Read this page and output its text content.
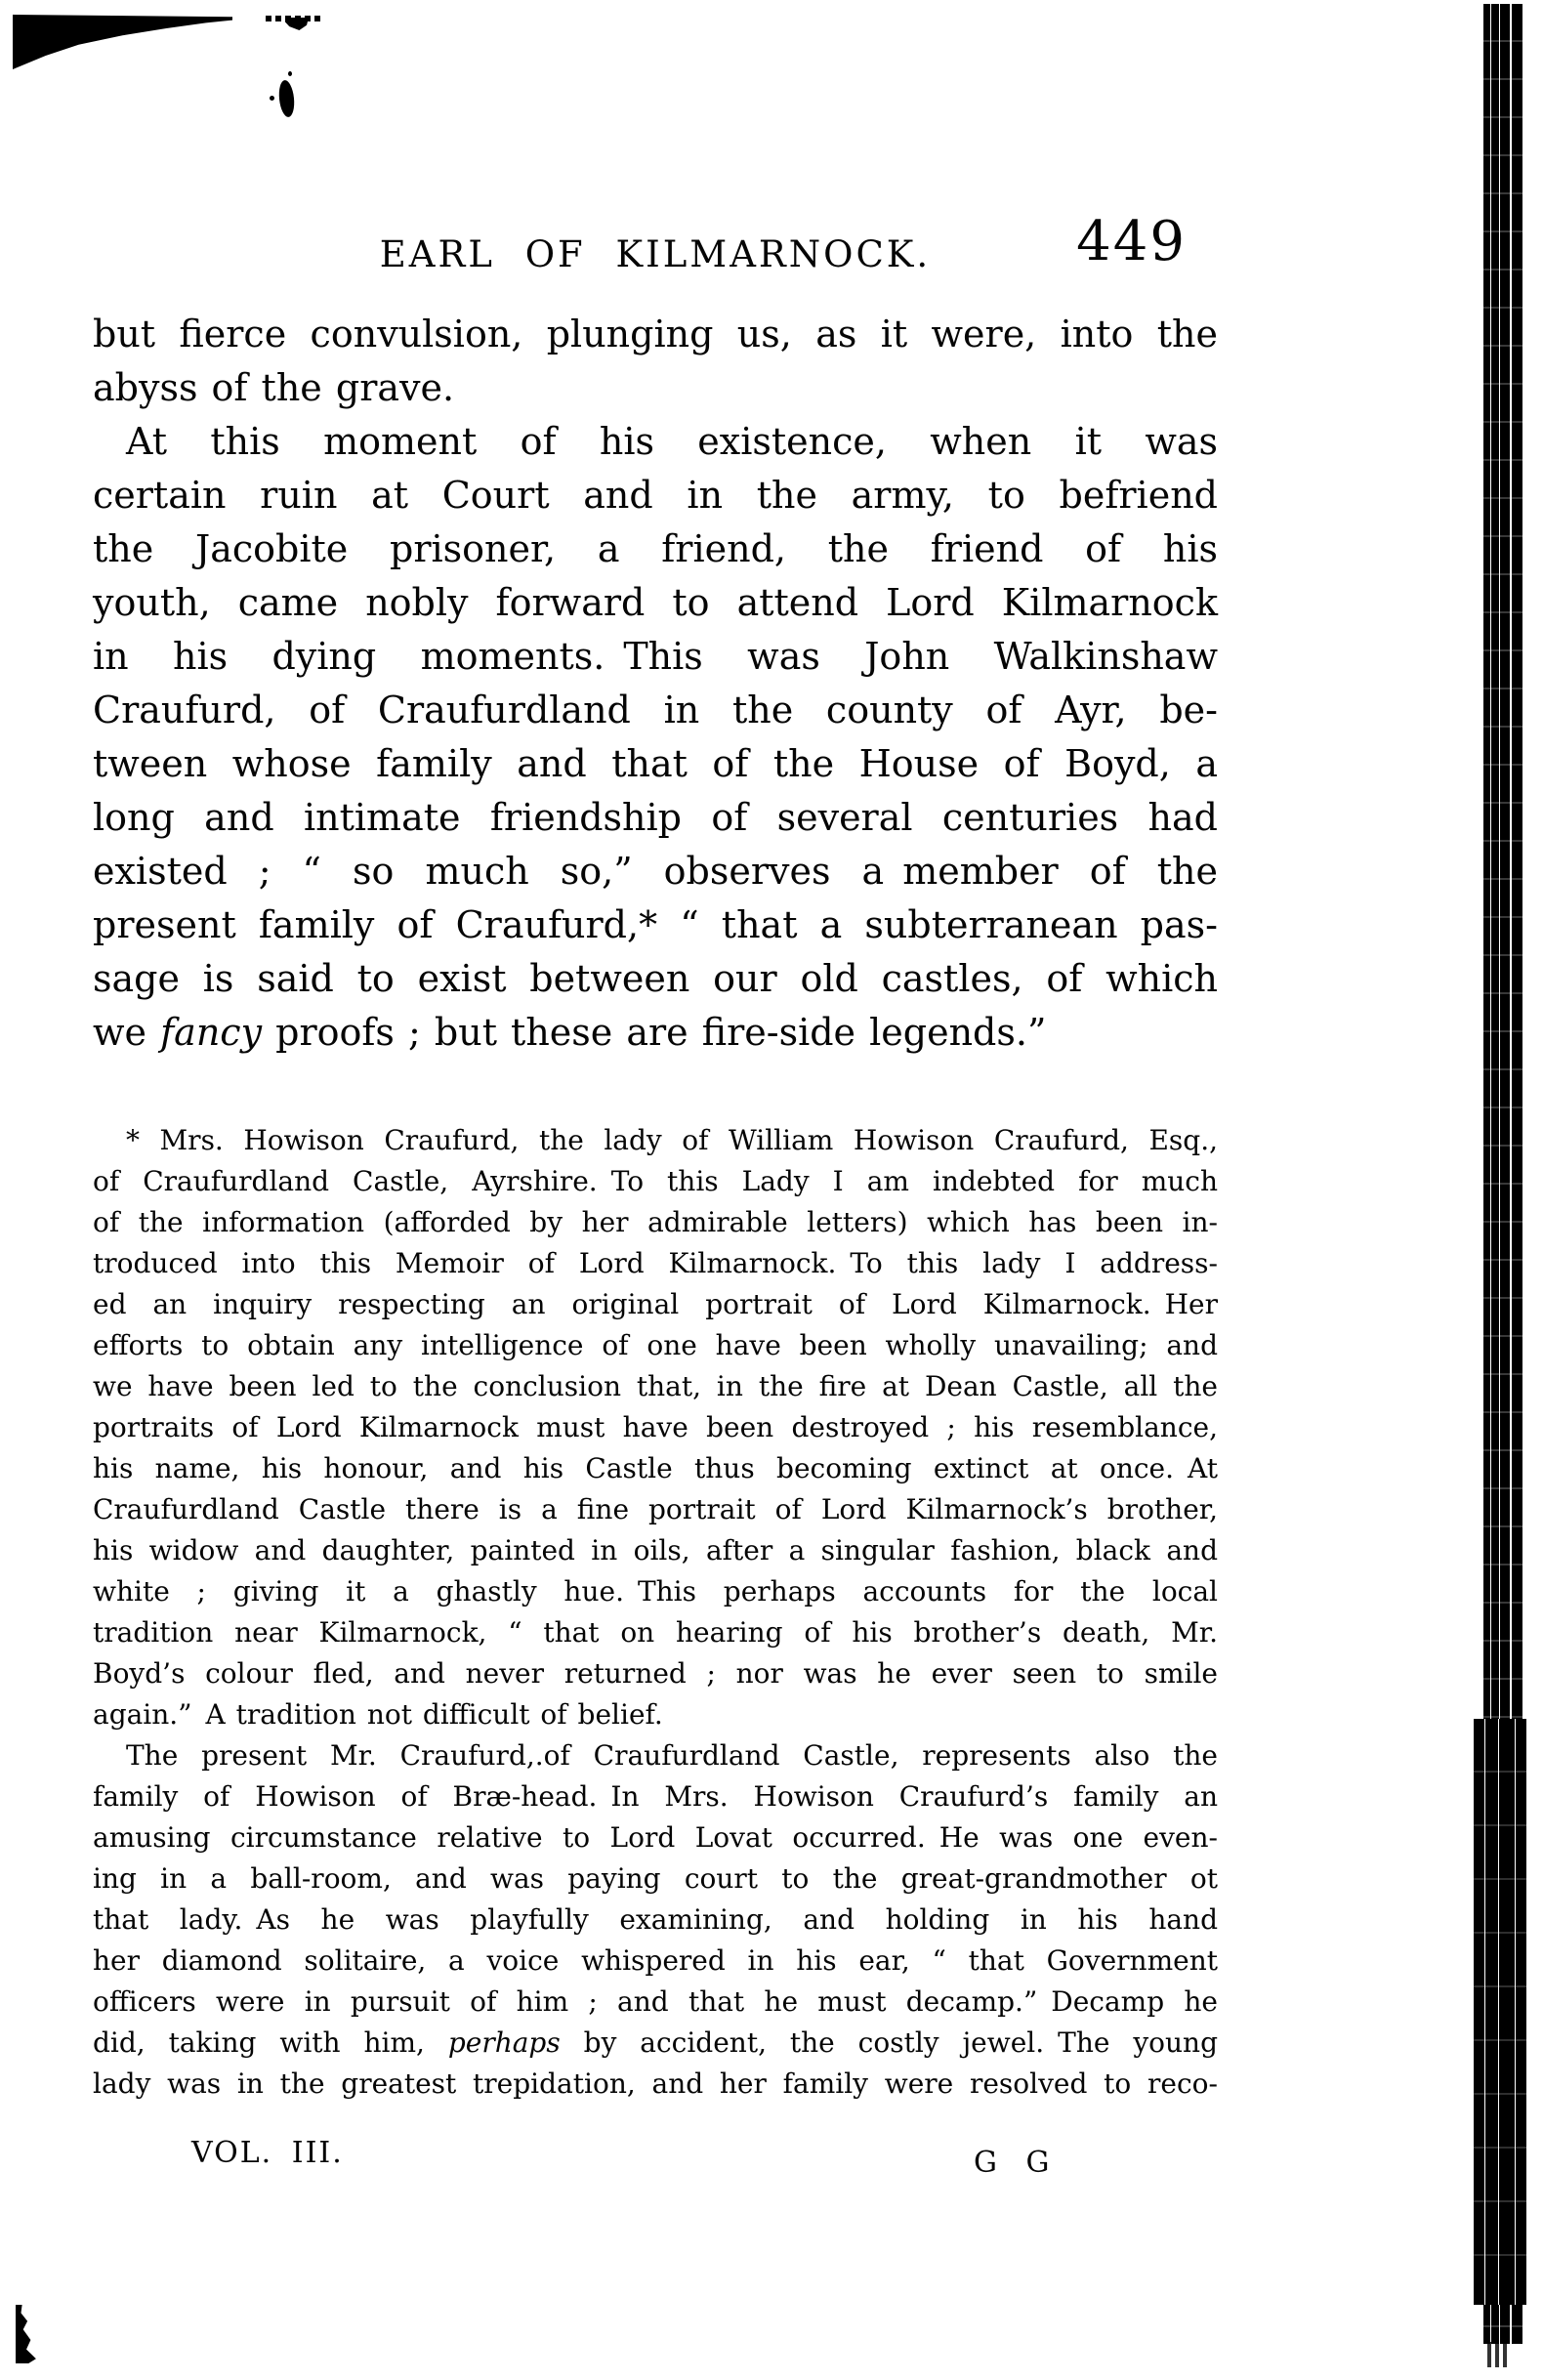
EARL OF KILMARNOCK.	449
but fierce convulsion, plunging us, as it were, into the
abyss of the grave.
At this moment of his existence, when it was
certain ruin at Court and in the army, to befriend
the Jacobite prisoner, a friend, the friend of his
youth, came nobly forward to attend Lord Kilmarnock
in his dying moments. This was John Walkinshaw
Craufurd, of Craufurdland in the county of Ayr, be-
tween whose family and that of the House of Boyd, a
long and intimate friendship of several centuries had
existed ; “ so much so,” observes a member of the
present family of Craufurd,* “ that a subterranean pas-
sage is said to exist between our old castles, of which
we fancy proofs ; but these are fire-side legends.”
* Mrs. Howison Craufurd, the lady of William Howison Craufurd, Esq.,
of Craufurdland Castle, Ayrshire. To this Lady I am indebted for much
of the information (afforded by her admirable letters) which has been in-
troduced into this Memoir of Lord Kilmarnock. To this lady I address-
ed an inquiry respecting an original portrait of Lord Kilmarnock. Her
efforts to obtain any intelligence of one have been wholly unavailing; and
we have been led to the conclusion that, in the fire at Dean Castle, all the
portraits of Lord Kilmarnock must have been destroyed ; his resemblance,
his name, his honour, and his Castle thus becoming extinct at once. At
Craufurdland Castle there is a fine portrait of Lord Kilmarnock’s brother,
his widow and daughter, painted in oils, after a singular fashion, black and
white ; giving it a ghastly hue. This perhaps accounts for the local
tradition near Kilmarnock, “ that on hearing of his brother’s death, Mr.
Boyd’s colour fled, and never returned ; nor was he ever seen to smile
again.” A tradition not difficult of belief.
The present Mr. Craufurd,.of Craufurdland Castle, represents also the
family of Howison of Bræ-head. In Mrs. Howison Craufurd’s family an
amusing circumstance relative to Lord Lovat occurred. He was one even-
ing in a ball-room, and was paying court to the great-grandmother ot
that lady. As he was playfully examining, and holding in his hand
her diamond solitaire, a voice whispered in his ear, “ that Government
officers were in pursuit of him ; and that he must decamp.” Decamp he
did, taking with him, perhaps by accident, the costly jewel. The young
lady was in the greatest trepidation, and her family were resolved to reco-
VOL. III.	G G
